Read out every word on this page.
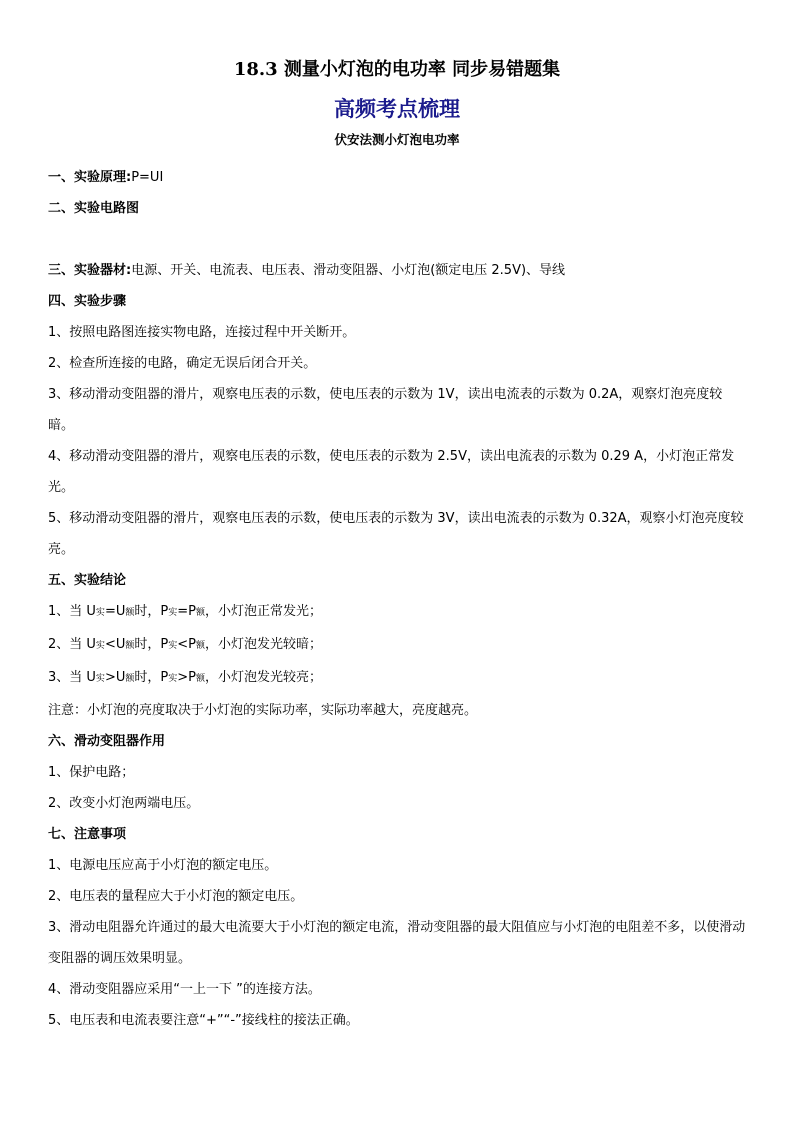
18.3 测量小灯泡的电功率 同步易错题集
高频考点梳理
伏安法测小灯泡电功率
一、实验原理:P=UI
二、实验电路图
三、实验器材:电源、开关、电流表、电压表、滑动变阻器、小灯泡(额定电压 2.5V)、导线
四、实验步骤
1、按照电路图连接实物电路，连接过程中开关断开。
2、检查所连接的电路，确定无误后闭合开关。
3、移动滑动变阻器的滑片，观察电压表的示数，使电压表的示数为 1V，读出电流表的示数为 0.2A，观察灯泡亮度较暗。
4、移动滑动变阻器的滑片，观察电压表的示数，使电压表的示数为 2.5V，读出电流表的示数为 0.29 A，小灯泡正常发光。
5、移动滑动变阻器的滑片，观察电压表的示数，使电压表的示数为 3V，读出电流表的示数为 0.32A，观察小灯泡亮度较亮。
五、实验结论
1、当 U实=U额时，P实=P额，小灯泡正常发光；
2、当 U实<U额时，P实<P额，小灯泡发光较暗；
3、当 U实>U额时，P实>P额，小灯泡发光较亮；
注意：小灯泡的亮度取决于小灯泡的实际功率，实际功率越大，亮度越亮。
六、滑动变阻器作用
1、保护电路；
2、改变小灯泡两端电压。
七、注意事项
1、电源电压应高于小灯泡的额定电压。
2、电压表的量程应大于小灯泡的额定电压。
3、滑动电阻器允许通过的最大电流要大于小灯泡的额定电流，滑动变阻器的最大阻值应与小灯泡的电阻差不多，以使滑动变阻器的调压效果明显。
4、滑动变阻器应采用“一上一下 ”的连接方法。
5、电压表和电流表要注意“+”“-”接线柱的接法正确。
